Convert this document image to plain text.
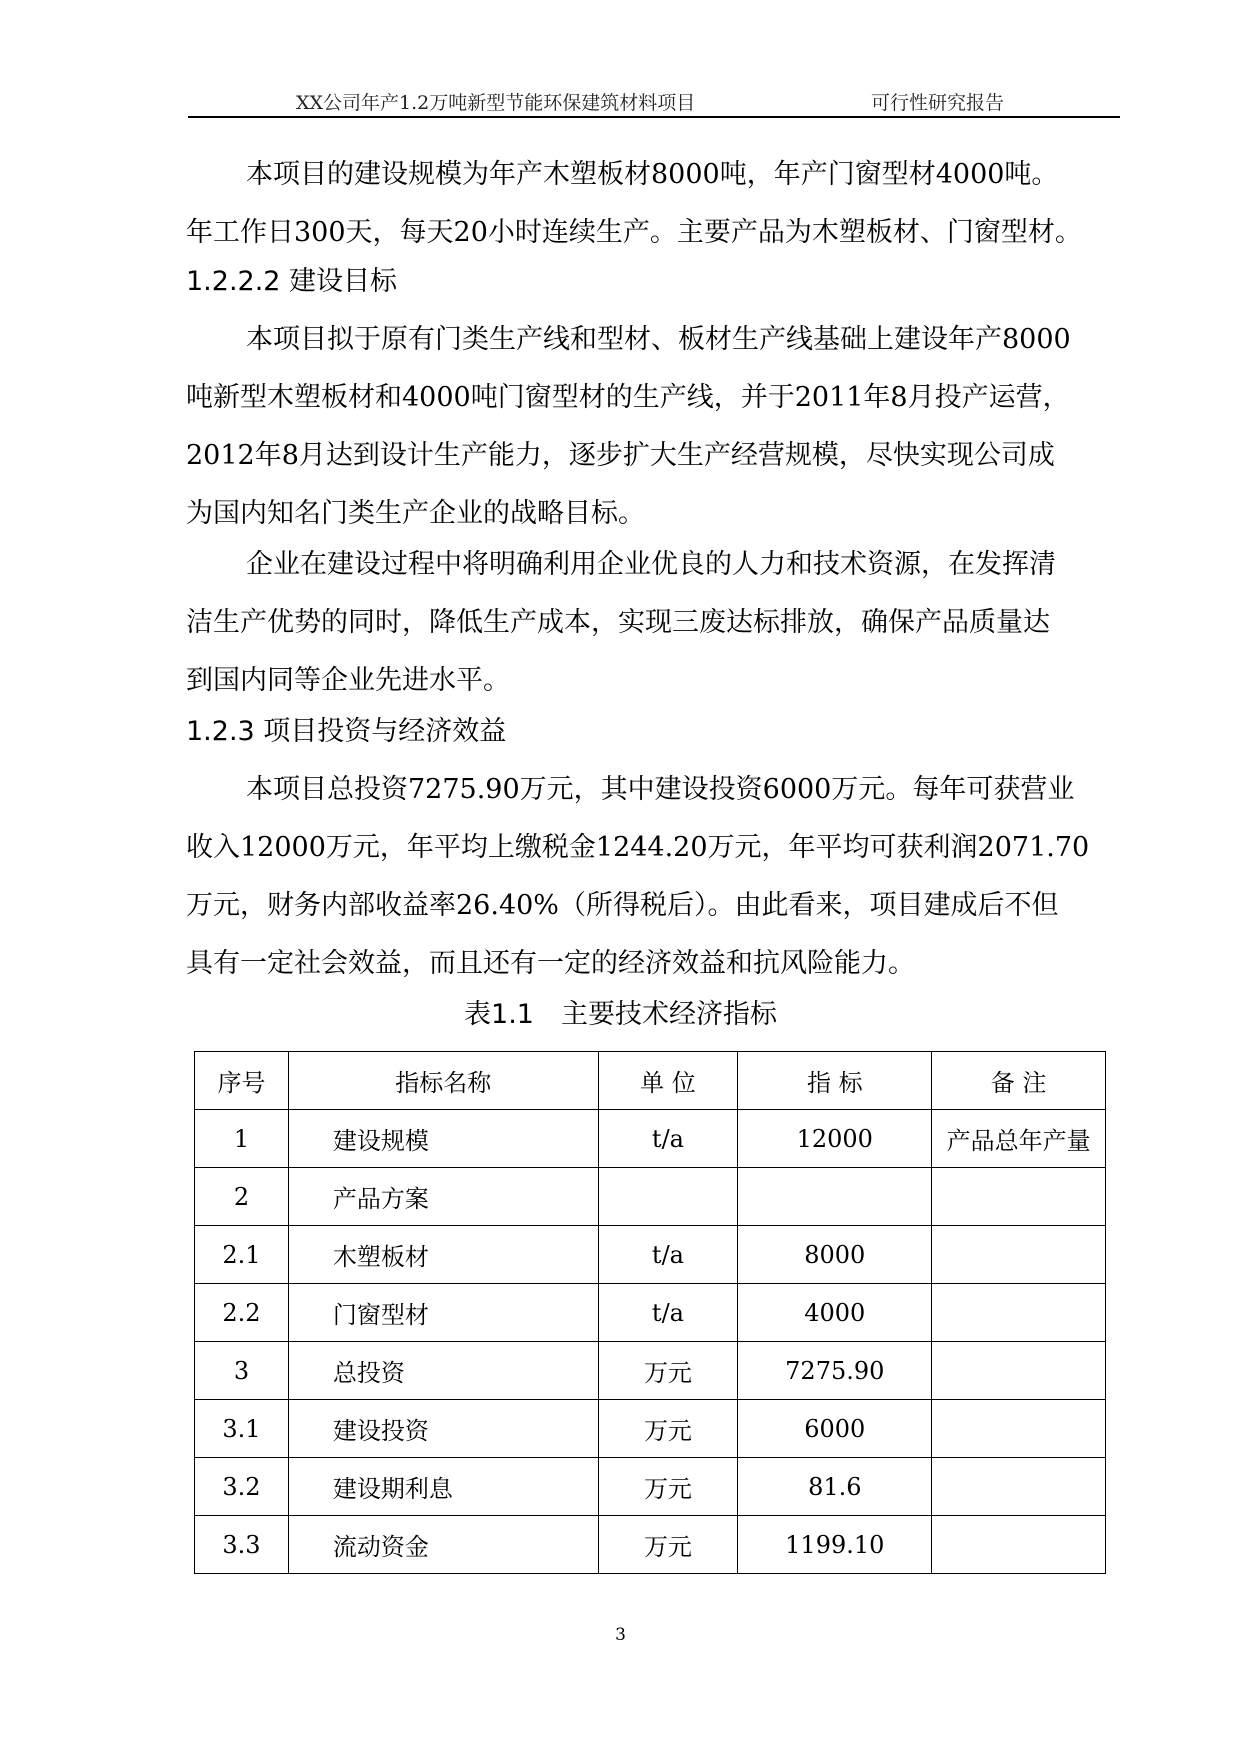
XX公司年产1.2万吨新型节能环保建筑材料项目	可行性研究报告
本项目的建设规模为年产木塑板材8000吨，年产门窗型材4000吨。
年工作日300天，每天20小时连续生产。主要产品为木塑板材、门窗型材。
1.2.2.2 建设目标
本项目拟于原有门类生产线和型材、板材生产线基础上建设年产8000
吨新型木塑板材和4000吨门窗型材的生产线，并于2011年8月投产运营，
2012年8月达到设计生产能力，逐步扩大生产经营规模，尽快实现公司成
为国内知名门类生产企业的战略目标。
企业在建设过程中将明确利用企业优良的人力和技术资源，在发挥清
洁生产优势的同时，降低生产成本，实现三废达标排放，确保产品质量达
到国内同等企业先进水平。
1.2.3 项目投资与经济效益
本项目总投资7275.90万元，其中建设投资6000万元。每年可获营业
收入12000万元，年平均上缴税金1244.20万元，年平均可获利润2071.70
万元，财务内部收益率26.40%（所得税后）。由此看来，项目建成后不但
具有一定社会效益，而且还有一定的经济效益和抗风险能力。
表1.1　主要技术经济指标
序号	指标名称	单 位	指 标	备 注
1	建设规模	t/a	12000	产品总年产量
2	产品方案			
2.1	木塑板材	t/a	8000	
2.2	门窗型材	t/a	4000	
3	总投资	万元	7275.90	
3.1	建设投资	万元	6000	
3.2	建设期利息	万元	81.6	
3.3	流动资金	万元	1199.10	
3
